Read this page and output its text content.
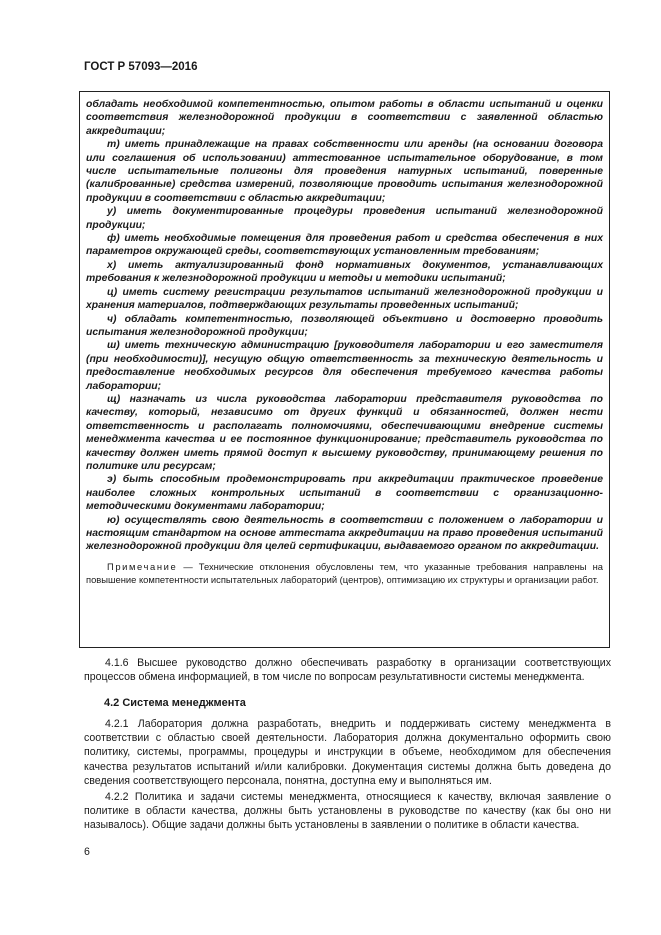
ГОСТ Р 57093—2016

обладать необходимой компетентностью, опытом работы в области испытаний и оценки соответствия железнодорожной продукции в соответствии с заявленной областью аккредитации;

т) иметь принадлежащие на правах собственности или аренды (на основании договора или соглашения об использовании) аттестованное испытательное оборудование, в том числе испытательные полигоны для проведения натурных испытаний, поверенные (калиброванные) средства измерений, позволяющие проводить испытания железнодорожной продукции в соответствии с областью аккредитации;

у) иметь документированные процедуры проведения испытаний железнодорожной продукции;

ф) иметь необходимые помещения для проведения работ и средства обеспечения в них параметров окружающей среды, соответствующих установленным требованиям;

х) иметь актуализированный фонд нормативных документов, устанавливающих требования к железнодорожной продукции и методы и методики испытаний;

ц) иметь систему регистрации результатов испытаний железнодорожной продукции и хранения материалов, подтверждающих результаты проведенных испытаний;

ч) обладать компетентностью, позволяющей объективно и достоверно проводить испытания железнодорожной продукции;

ш) иметь техническую администрацию [руководителя лаборатории и его заместителя (при необходимости)], несущую общую ответственность за техническую деятельность и предоставление необходимых ресурсов для обеспечения требуемого качества работы лаборатории;

щ) назначать из числа руководства лаборатории представителя руководства по качеству, который, независимо от других функций и обязанностей, должен нести ответственность и располагать полномочиями, обеспечивающими внедрение системы менеджмента качества и ее постоянное функционирование; представитель руководства по качеству должен иметь прямой доступ к высшему руководству, принимающему решения по политике или ресурсам;

э) быть способным продемонстрировать при аккредитации практическое проведение наиболее сложных контрольных испытаний в соответствии с организационно-методическими документами лаборатории;

ю) осуществлять свою деятельность в соответствии с положением о лаборатории и настоящим стандартом на основе аттестата аккредитации на право проведения испытаний железнодорожной продукции для целей сертификации, выдаваемого органом по аккредитации.

Примечание — Технические отклонения обусловлены тем, что указанные требования направлены на повышение компетентности испытательных лабораторий (центров), оптимизацию их структуры и организации работ.

4.1.6 Высшее руководство должно обеспечивать разработку в организации соответствующих процессов обмена информацией, в том числе по вопросам результативности системы менеджмента.

4.2 Система менеджмента

4.2.1 Лаборатория должна разработать, внедрить и поддерживать систему менеджмента в соответствии с областью своей деятельности. Лаборатория должна документально оформить свою политику, системы, программы, процедуры и инструкции в объеме, необходимом для обеспечения качества результатов испытаний и/или калибровки. Документация системы должна быть доведена до сведения соответствующего персонала, понятна, доступна ему и выполняться им.

4.2.2 Политика и задачи системы менеджмента, относящиеся к качеству, включая заявление о политике в области качества, должны быть установлены в руководстве по качеству (как бы оно ни называлось). Общие задачи должны быть установлены в заявлении о политике в области качества.

6
